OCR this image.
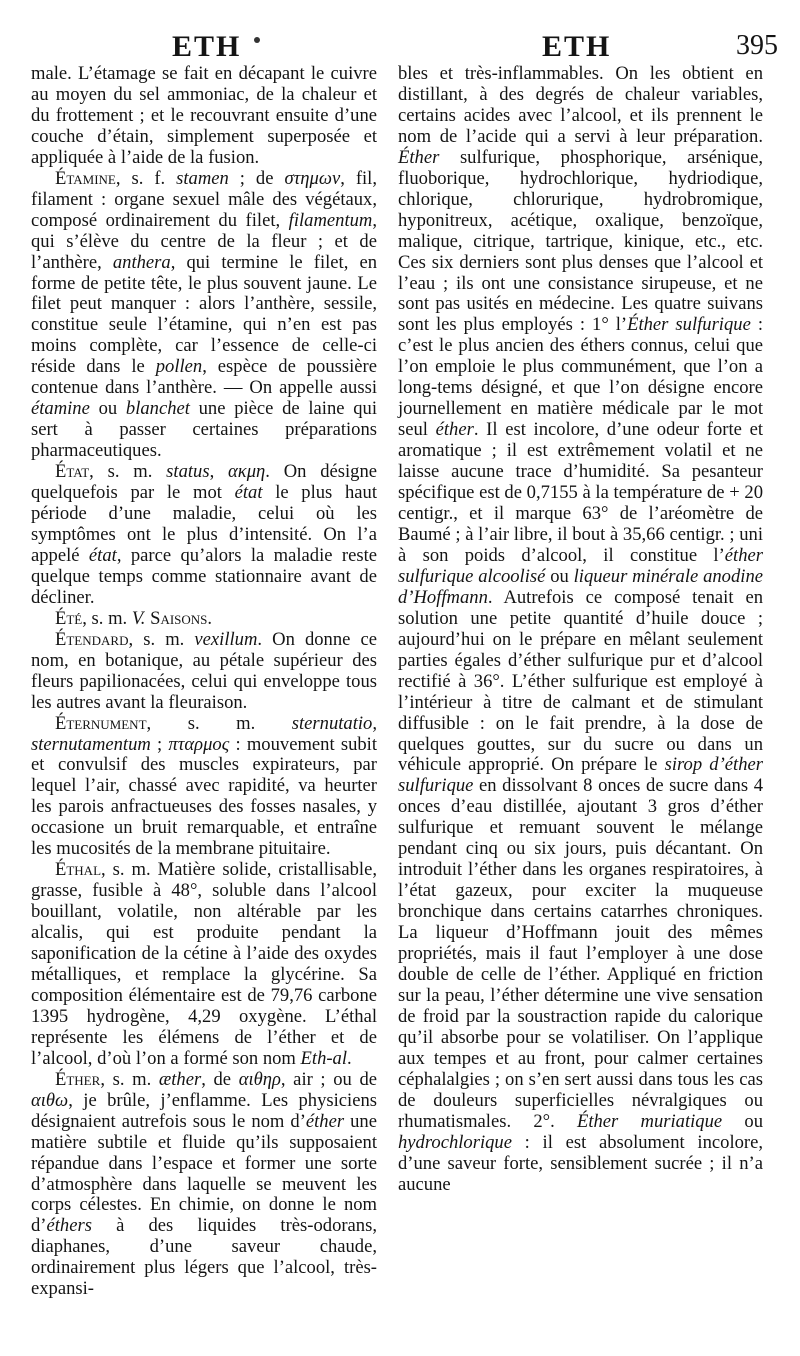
ETH	ETH	395

male. L’étamage se fait en décapant le cuivre au moyen du sel ammoniac, de la chaleur et du frottement ; et le recouvrant ensuite d’une couche d’étain, simplement superposée et appliquée à l’aide de la fusion.

Étamine, s. f. stamen ; de στημων, fil, filament : organe sexuel mâle des végétaux, composé ordinairement du filet, filamentum, qui s’élève du centre de la fleur ; et de l’anthère, anthera, qui termine le filet, en forme de petite tête, le plus souvent jaune. Le filet peut manquer : alors l’anthère, sessile, constitue seule l’étamine, qui n’en est pas moins complète, car l’essence de celle-ci réside dans le pollen, espèce de poussière contenue dans l’anthère. — On appelle aussi étamine ou blanchet une pièce de laine qui sert à passer certaines préparations pharmaceutiques.

État, s. m. status, ακμη. On désigne quelquefois par le mot état le plus haut période d’une maladie, celui où les symptômes ont le plus d’intensité. On l’a appelé état, parce qu’alors la maladie reste quelque temps comme stationnaire avant de décliner.

Été, s. m. V. Saisons.

Étendard, s. m. vexillum. On donne ce nom, en botanique, au pétale supérieur des fleurs papilionacées, celui qui enveloppe tous les autres avant la fleuraison.

Éternument, s. m. sternutatio, sternutamentum ; πταρμος : mouvement subit et convulsif des muscles expirateurs, par lequel l’air, chassé avec rapidité, va heurter les parois anfractueuses des fosses nasales, y occasione un bruit remarquable, et entraîne les mucosités de la membrane pituitaire.

Éthal, s. m. Matière solide, cristallisable, grasse, fusible à 48°, soluble dans l’alcool bouillant, volatile, non altérable par les alcalis, qui est produite pendant la saponification de la cétine à l’aide des oxydes métalliques, et remplace la glycérine. Sa composition élémentaire est de 79,76 carbone 1395 hydrogène, 4,29 oxygène. L’éthal représente les élémens de l’éther et de l’alcool, d’où l’on a formé son nom Eth-al.

Éther, s. m. æther, de αιθηρ, air ; ou de αιθω, je brûle, j’enflamme. Les physiciens désignaient autrefois sous le nom d’éther une matière subtile et fluide qu’ils supposaient répandue dans l’espace et former une sorte d’atmosphère dans laquelle se meuvent les corps célestes. En chimie, on donne le nom d’éthers à des liquides très-odorans, diaphanes, d’une saveur chaude, ordinairement plus légers que l’alcool, très-expansi-

bles et très-inflammables. On les obtient en distillant, à des degrés de chaleur variables, certains acides avec l’alcool, et ils prennent le nom de l’acide qui a servi à leur préparation. Éther sulfurique, phosphorique, arsénique, fluoborique, hydrochlorique, hydriodique, chlorique, chlorurique, hydrobromique, hyponitreux, acétique, oxalique, benzoïque, malique, citrique, tartrique, kinique, etc., etc. Ces six derniers sont plus denses que l’alcool et l’eau ; ils ont une consistance sirupeuse, et ne sont pas usités en médecine. Les quatre suivans sont les plus employés : 1° l’Éther sulfurique : c’est le plus ancien des éthers connus, celui que l’on emploie le plus communément, que l’on a long-tems désigné, et que l’on désigne encore journellement en matière médicale par le mot seul éther. Il est incolore, d’une odeur forte et aromatique ; il est extrêmement volatil et ne laisse aucune trace d’humidité. Sa pesanteur spécifique est de 0,7155 à la température de + 20 centigr., et il marque 63° de l’aréomètre de Baumé ; à l’air libre, il bout à 35,66 centigr. ; uni à son poids d’alcool, il constitue l’éther sulfurique alcoolisé ou liqueur minérale anodine d’Hoffmann. Autrefois ce composé tenait en solution une petite quantité d’huile douce ; aujourd’hui on le prépare en mêlant seulement parties égales d’éther sulfurique pur et d’alcool rectifié à 36°. L’éther sulfurique est employé à l’intérieur à titre de calmant et de stimulant diffusible : on le fait prendre, à la dose de quelques gouttes, sur du sucre ou dans un véhicule approprié. On prépare le sirop d’éther sulfurique en dissolvant 8 onces de sucre dans 4 onces d’eau distillée, ajoutant 3 gros d’éther sulfurique et remuant souvent le mélange pendant cinq ou six jours, puis décantant. On introduit l’éther dans les organes respiratoires, à l’état gazeux, pour exciter la muqueuse bronchique dans certains catarrhes chroniques. La liqueur d’Hoffmann jouit des mêmes propriétés, mais il faut l’employer à une dose double de celle de l’éther. Appliqué en friction sur la peau, l’éther détermine une vive sensation de froid par la soustraction rapide du calorique qu’il absorbe pour se volatiliser. On l’applique aux tempes et au front, pour calmer certaines céphalalgies ; on s’en sert aussi dans tous les cas de douleurs superficielles névralgiques ou rhumatismales. 2°. Éther muriatique ou hydrochlorique : il est absolument incolore, d’une saveur forte, sensiblement sucrée ; il n’a aucune
